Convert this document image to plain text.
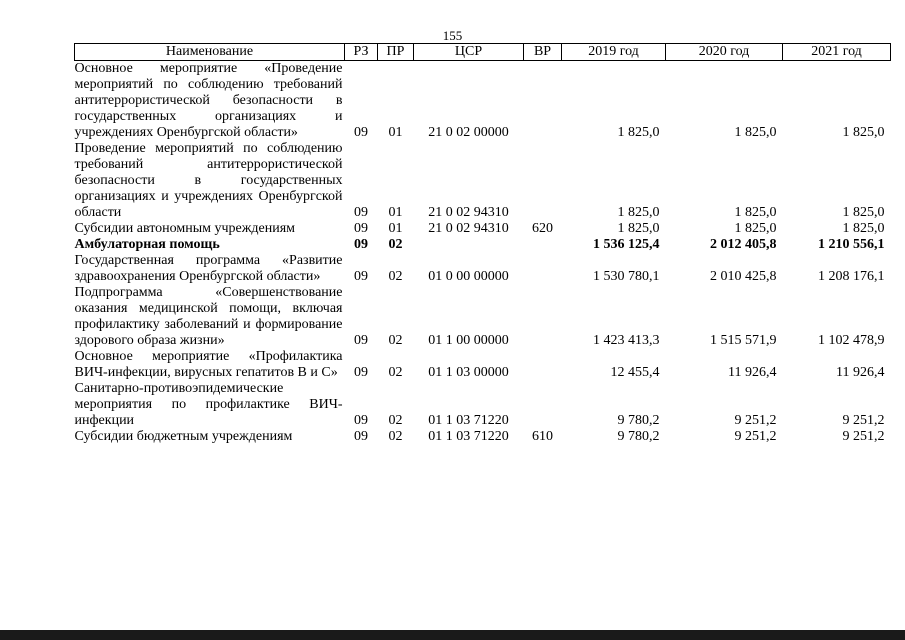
155
Наименование	РЗ	ПР	ЦСР	ВР	2019 год	2020 год	2021 год
Основное мероприятие «Проведение мероприятий по соблюдению требований антитеррористической безопасности в государственных организациях и учреждениях Оренбургской области»	09	01	21 0 02 00000		1 825,0	1 825,0	1 825,0
Проведение мероприятий по соблюдению требований антитеррористической безопасности в государственных организациях и учреждениях Оренбургской области	09	01	21 0 02 94310		1 825,0	1 825,0	1 825,0
Субсидии автономным учреждениям	09	01	21 0 02 94310	620	1 825,0	1 825,0	1 825,0
Амбулаторная помощь	09	02			1 536 125,4	2 012 405,8	1 210 556,1
Государственная программа «Развитие здравоохранения Оренбургской области»	09	02	01 0 00 00000		1 530 780,1	2 010 425,8	1 208 176,1
Подпрограмма «Совершенствование оказания медицинской помощи, включая профилактику заболеваний и формирование здорового образа жизни»	09	02	01 1 00 00000		1 423 413,3	1 515 571,9	1 102 478,9
Основное мероприятие «Профилактика ВИЧ-инфекции, вирусных гепатитов В и С»	09	02	01 1 03 00000		12 455,4	11 926,4	11 926,4
Санитарно-противоэпидемические мероприятия по профилактике ВИЧ-инфекции	09	02	01 1 03 71220		9 780,2	9 251,2	9 251,2
Субсидии бюджетным учреждениям	09	02	01 1 03 71220	610	9 780,2	9 251,2	9 251,2
